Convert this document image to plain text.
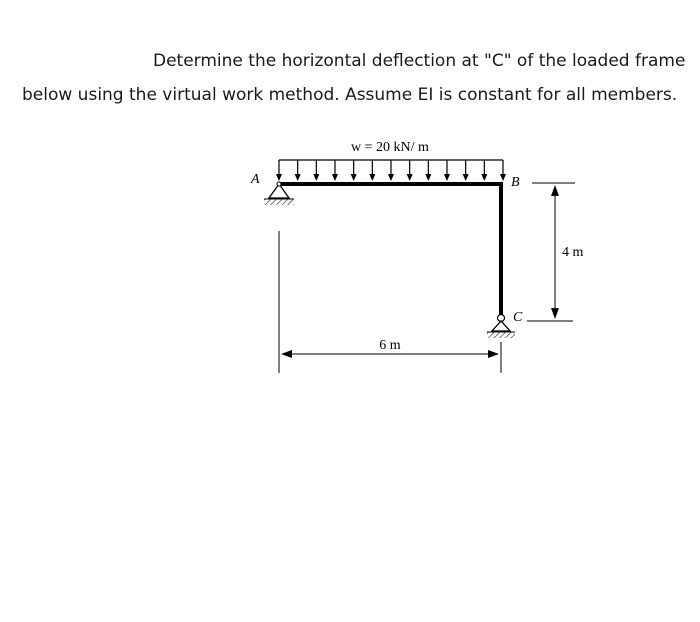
Determine the horizontal deflection at "C" of the loaded frame
below using the virtual work method. Assume EI is constant for all members.
w = 20 kN/ m
A	B
C
4 m
6 m
